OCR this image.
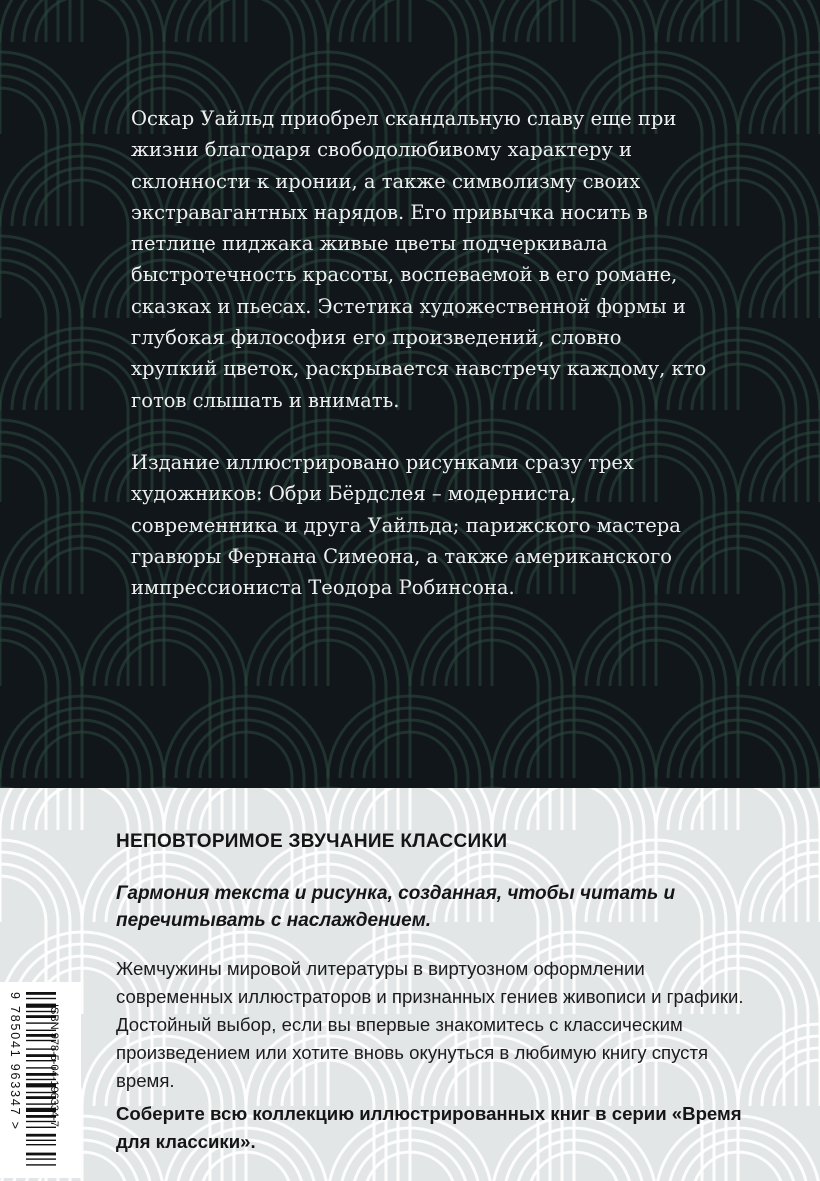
Оскар Уайльд приобрел скандальную славу еще при жизни благодаря свободолюбивому характеру и склонности к иронии, а также символизму своих экстравагантных нарядов. Его привычка носить в петлице пиджака живые цветы подчеркивала быстротечность красоты, воспеваемой в его романе, сказках и пьесах. Эстетика художественной формы и глубокая философия его произведений, словно хрупкий цветок, раскрывается навстречу каждому, кто готов слышать и внимать.

Издание иллюстрировано рисунками сразу трех художников: Обри Бёрдслея – модерниста, современника и друга Уайльда; парижского мастера гравюры Фернана Симеона, а также американского импрессиониста Теодора Робинсона.

НЕПОВТОРИМОЕ ЗВУЧАНИЕ КЛАССИКИ
Гармония текста и рисунка, созданная, чтобы читать и перечитывать с наслаждением.
Жемчужины мировой литературы в виртуозном оформлении современных иллюстраторов и признанных гениев живописи и графики. Достойный выбор, если вы впервые знакомитесь с классическим произведением или хотите вновь окунуться в любимую книгу спустя время.
Соберите всю коллекцию иллюстрированных книг в серии «Время для классики».
ISBN 978-5-04-196334-7
9 785041 963347 >
